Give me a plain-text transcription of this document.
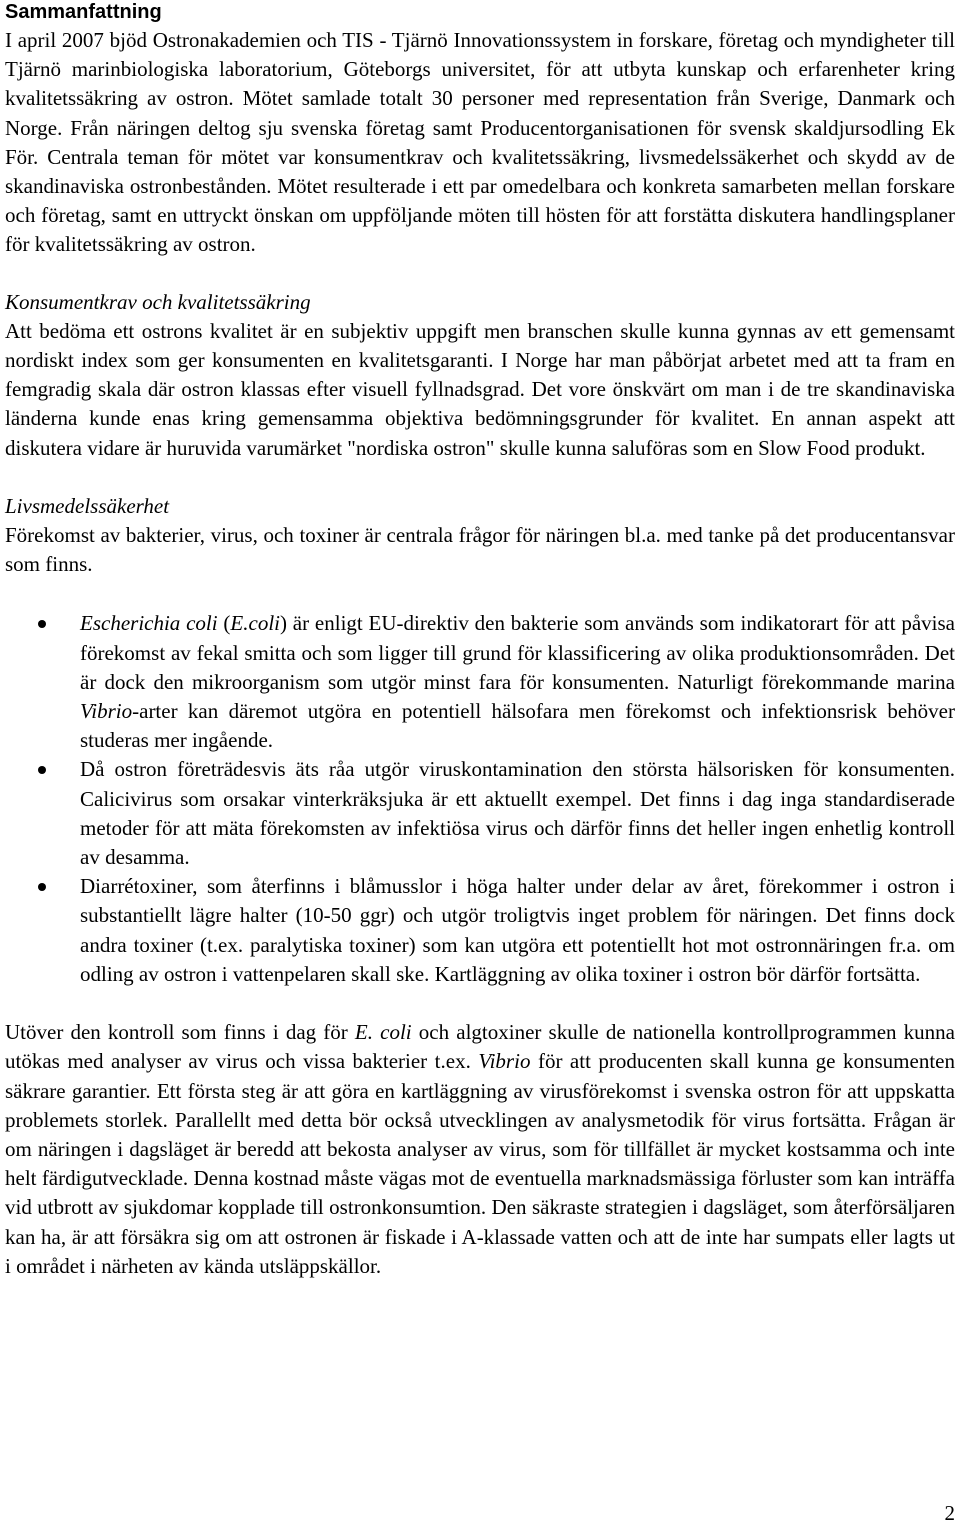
Sammanfattning

I april 2007 bjöd Ostronakademien och TIS - Tjärnö Innovationssystem in forskare, företag och myndigheter till Tjärnö marinbiologiska laboratorium, Göteborgs universitet, för att utbyta kunskap och erfarenheter kring kvalitetssäkring av ostron. Mötet samlade totalt 30 personer med representation från Sverige, Danmark och Norge. Från näringen deltog sju svenska företag samt Producentorganisationen för svensk skaldjursodling Ek För. Centrala teman för mötet var konsumentkrav och kvalitetssäkring, livsmedelssäkerhet och skydd av de skandinaviska ostronbestånden. Mötet resulterade i ett par omedelbara och konkreta samarbeten mellan forskare och företag, samt en uttryckt önskan om uppföljande möten till hösten för att forstätta diskutera handlingsplaner för kvalitetssäkring av ostron.

Konsumentkrav och kvalitetssäkring

Att bedöma ett ostrons kvalitet är en subjektiv uppgift men branschen skulle kunna gynnas av ett gemensamt nordiskt index som ger konsumenten en kvalitetsgaranti. I Norge har man påbörjat arbetet med att ta fram en femgradig skala där ostron klassas efter visuell fyllnadsgrad. Det vore önskvärt om man i de tre skandinaviska länderna kunde enas kring gemensamma objektiva bedömningsgrunder för kvalitet. En annan aspekt att diskutera vidare är huruvida varumärket "nordiska ostron" skulle kunna saluföras som en Slow Food produkt.

Livsmedelssäkerhet

Förekomst av bakterier, virus, och toxiner är centrala frågor för näringen bl.a. med tanke på det producentansvar som finns.

Escherichia coli (E.coli) är enligt EU-direktiv den bakterie som används som indikatorart för att påvisa förekomst av fekal smitta och som ligger till grund för klassificering av olika produktionsområden. Det är dock den mikroorganism som utgör minst fara för konsumenten. Naturligt förekommande marina Vibrio-arter kan däremot utgöra en potentiell hälsofara men förekomst och infektionsrisk behöver studeras mer ingående.
Då ostron företrädesvis äts råa utgör viruskontamination den största hälsorisken för konsumenten. Calicivirus som orsakar vinterkräksjuka är ett aktuellt exempel. Det finns i dag inga standardiserade metoder för att mäta förekomsten av infektiösa virus och därför finns det heller ingen enhetlig kontroll av desamma.
Diarrétoxiner, som återfinns i blåmusslor i höga halter under delar av året, förekommer i ostron i substantiellt lägre halter (10-50 ggr) och utgör troligtvis inget problem för näringen. Det finns dock andra toxiner (t.ex. paralytiska toxiner) som kan utgöra ett potentiellt hot mot ostronnäringen fr.a. om odling av ostron i vattenpelaren skall ske. Kartläggning av olika toxiner i ostron bör därför fortsätta.

Utöver den kontroll som finns i dag för E. coli och algtoxiner skulle de nationella kontrollprogrammen kunna utökas med analyser av virus och vissa bakterier t.ex. Vibrio för att producenten skall kunna ge konsumenten säkrare garantier. Ett första steg är att göra en kartläggning av virusförekomst i svenska ostron för att uppskatta problemets storlek. Parallellt med detta bör också utvecklingen av analysmetodik för virus fortsätta. Frågan är om näringen i dagsläget är beredd att bekosta analyser av virus, som för tillfället är mycket kostsamma och inte helt färdigutvecklade. Denna kostnad måste vägas mot de eventuella marknadsmässiga förluster som kan inträffa vid utbrott av sjukdomar kopplade till ostronkonsumtion. Den säkraste strategien i dagsläget, som återförsäljaren kan ha, är att försäkra sig om att ostronen är fiskade i A-klassade vatten och att de inte har sumpats eller lagts ut i området i närheten av kända utsläppskällor.

2
